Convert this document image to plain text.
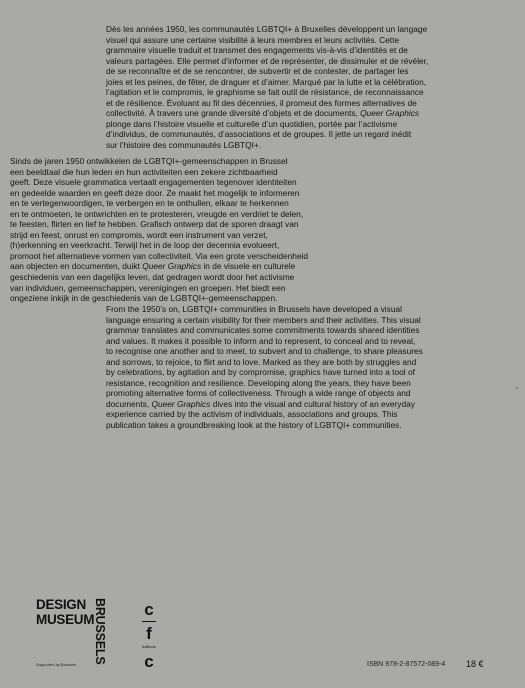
Dès les années 1950, les communautés LGBTQI+ à Bruxelles développent un langage
visuel qui assure une certaine visibilité à leurs membres et leurs activités. Cette
grammaire visuelle traduit et transmet des engagements vis-à-vis d’identités et de
valeurs partagées. Elle permet d’informer et de représenter, de dissimuler et de révéler,
de se reconnaître et de se rencontrer, de subvertir et de contester, de partager les
joies et les peines, de fêter, de draguer et d’aimer. Marqué par la lutte et la célébration,
l’agitation et le compromis, le graphisme se fait outil de résistance, de reconnaissance
et de résilience. Évoluant au fil des décennies, il promeut des formes alternatives de
collectivité. À travers une grande diversité d’objets et de documents, Queer Graphics
plonge dans l’histoire visuelle et culturelle d’un quotidien, portée par l’activisme
d’individus, de communautés, d’associations et de groupes. Il jette un regard inédit
sur l’histoire des communautés LGBTQI+.
Sinds de jaren 1950 ontwikkelen de LGBTQI+-gemeenschappen in Brussel
een beeldtaal die hun leden en hun activiteiten een zekere zichtbaarheid
geeft. Deze visuele grammatica vertaalt engagementen tegenover identiteiten
en gedeelde waarden en geeft deze door. Ze maakt het mogelijk te informeren
en te vertegenwoordigen, te verbergen en te onthullen, elkaar te herkennen
en te ontmoeten, te ontwrichten en te protesteren, vreugde en verdriet te delen,
te feesten, flirten en lief te hebben. Grafisch ontwerp dat de sporen draagt van
strijd en feest, onrust en compromis, wordt een instrument van verzet,
(h)erkenning en veerkracht. Terwijl het in de loop der decennia evolueert,
promoot het alternatieve vormen van collectiviteit. Via een grote verscheidenheid
aan objecten en documenten, duikt Queer Graphics in de visuele en culturele
geschiedenis van een dagelijks leven, dat gedragen wordt door het activisme
van individuen, gemeenschappen, verenigingen en groepen. Het biedt een
ongeziene inkijk in de geschiedenis van de LGBTQI+-gemeenschappen.
From the 1950’s on, LGBTQI+ communities in Brussels have developed a visual
language ensuring a certain visibility for their members and their activities. This visual
grammar translates and communicates some commitments towards shared identities
and values. It makes it possible to inform and to represent, to conceal and to reveal,
to recognise one another and to meet, to subvert and to challenge, to share pleasures
and sorrows, to rejoice, to flirt and to love. Marked as they are both by struggles and
by celebrations, by agitation and by compromise, graphics have turned into a tool of
resistance, recognition and resilience. Developing along the years, they have been
promoting alternative forms of collectiveness. Through a wide range of objects and
documents, Queer Graphics dives into the visual and cultural history of an everyday
experience carried by the activism of individuals, associations and groups. This
publication takes a groundbreaking look at the history of LGBTQI+ communities.
DESIGN
MUSEUM
BRUSSELS
Supported by Brussels
c
f
éditions
c	ISBN 978-2-87572-089-4 18 €
cfc
